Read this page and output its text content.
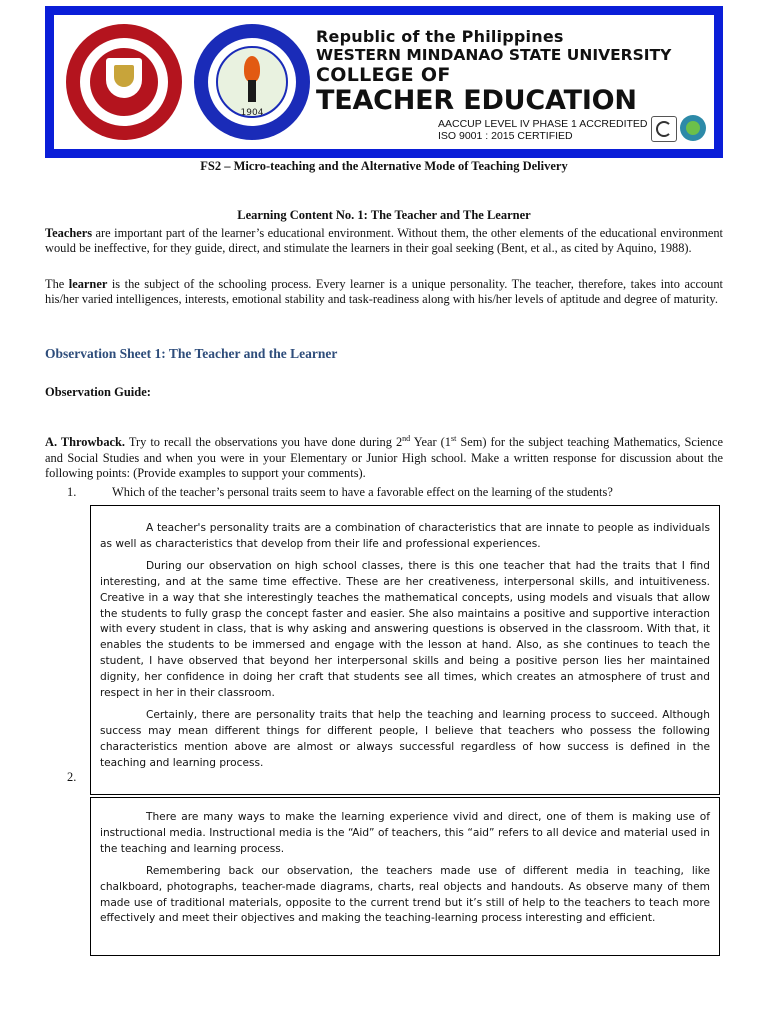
1904
Republic of the Philippines
WESTERN MINDANAO STATE UNIVERSITY
COLLEGE OF
TEACHER EDUCATION
AACCUP LEVEL IV PHASE 1 ACCREDITED
ISO 9001 : 2015 CERTIFIED
FS2 – Micro-teaching and the Alternative Mode of Teaching Delivery
Learning Content No. 1: The Teacher and The Learner

Teachers are important part of the learner’s educational environment. Without them, the other elements of the educational environment would be ineffective, for they guide, direct, and stimulate the learners in their goal seeking (Bent, et al., as cited by Aquino, 1988).

The learner is the subject of the schooling process. Every learner is a unique personality. The teacher, therefore, takes into account his/her varied intelligences, interests, emotional stability and task-readiness along with his/her levels of aptitude and degree of maturity.

Observation Sheet 1: The Teacher and the Learner
Observation Guide:

A. Throwback. Try to recall the observations you have done during 2nd Year (1st Sem) for the subject teaching Mathematics, Science and Social Studies and when you were in your Elementary or Junior High school. Make a written response for discussion about the following points: (Provide examples to support your comments).

1.	Which of the teacher’s personal traits seem to have a favorable effect on the learning of the students?

A teacher's personality traits are a combination of characteristics that are innate to people as individuals as well as characteristics that develop from their life and professional experiences.

During our observation on high school classes, there is this one teacher that had the traits that I find interesting, and at the same time effective. These are her creativeness, interpersonal skills, and intuitiveness. Creative in a way that she interestingly teaches the mathematical concepts, using models and visuals that allow the students to fully grasp the concept faster and easier. She also maintains a positive and supportive interaction with every student in class, that is why asking and answering questions is observed in the classroom. With that, it enables the students to be immersed and engage with the lesson at hand. Also, as she continues to teach the student, I have observed that beyond her interpersonal skills and being a positive person lies her maintained dignity, her confidence in doing her craft that students see all times, which creates an atmosphere of trust and respect in her in their classroom.

Certainly, there are personality traits that help the teaching and learning process to succeed. Although success may mean different things for different people, I believe that teachers who possess the following characteristics mention above are almost or always successful regardless of how success is defined in the teaching and learning process.

2.

There are many ways to make the learning experience vivid and direct, one of them is making use of instructional media. Instructional media is the “Aid” of teachers, this “aid” refers to all device and material used in the teaching and learning process.

Remembering back our observation, the teachers made use of different media in teaching, like chalkboard, photographs, teacher-made diagrams, charts, real objects and handouts. As observe many of them made use of traditional materials, opposite to the current trend but it’s still of help to the teachers to teach more effectively and meet their objectives and making the teaching-learning process interesting and efficient.
